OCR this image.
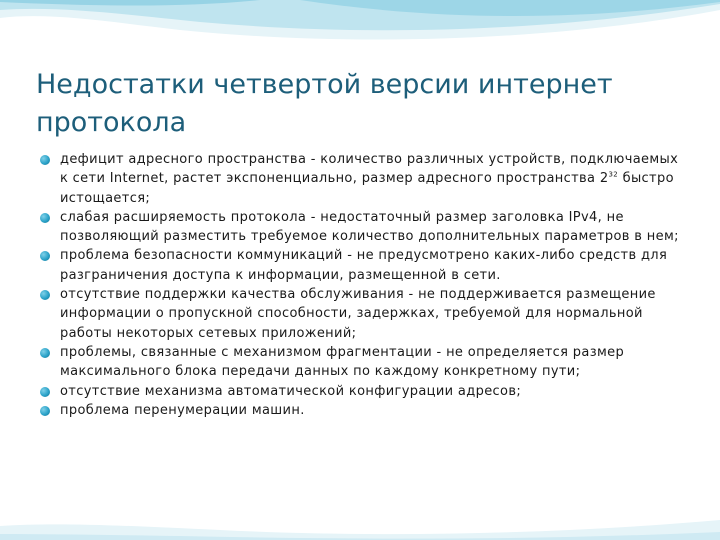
Недостатки четвертой версии интернет протокола
дефицит адресного пространства - количество различных устройств, подключаемых к сети Internet, растет экспоненциально, размер адресного пространства $2^{32}$ быстро истощается;
слабая расширяемость протокола - недостаточный размер заголовка IPv4, не позволяющий разместить требуемое количество дополнительных параметров в нем;
проблема безопасности коммуникаций - не предусмотрено каких-либо средств для разграничения доступа к информации, размещенной в сети.
отсутствие поддержки качества обслуживания - не поддерживается размещение информации о пропускной способности, задержках, требуемой для нормальной работы некоторых сетевых приложений;
проблемы, связанные с механизмом фрагментации - не определяется размер максимального блока передачи данных по каждому конкретному пути;
отсутствие механизма автоматической конфигурации адресов;
проблема перенумерации машин.
